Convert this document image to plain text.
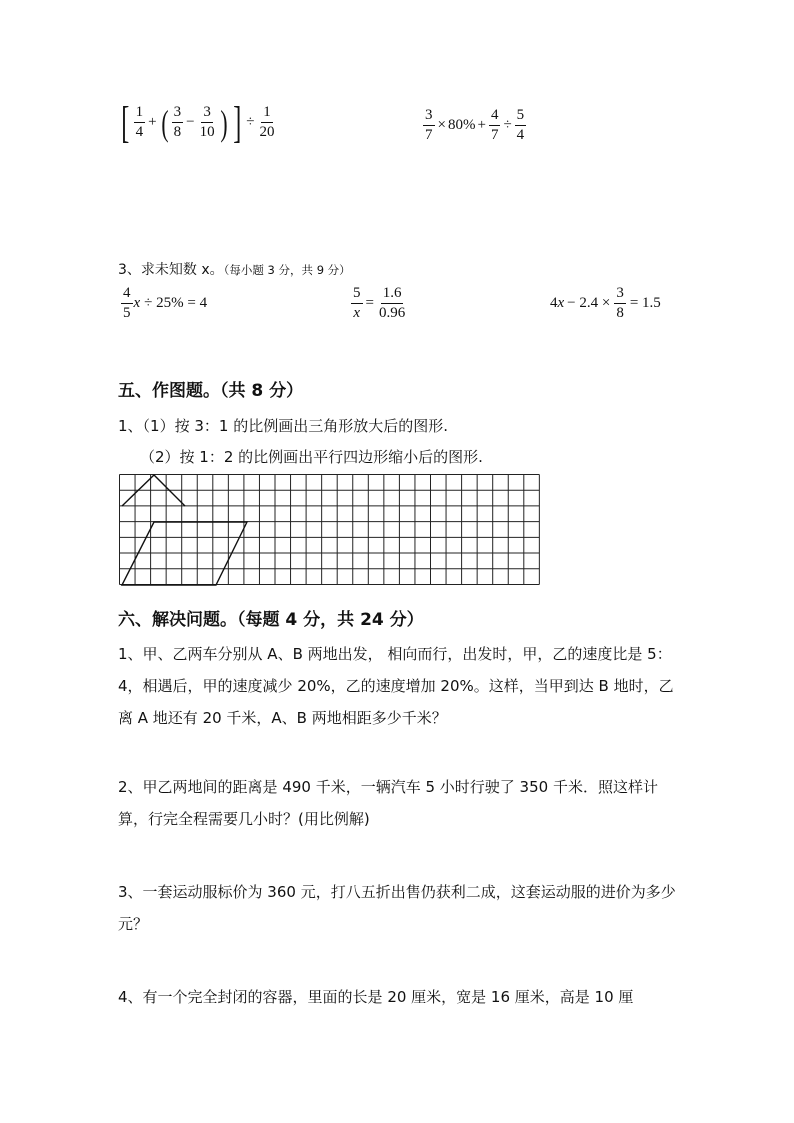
[ $\frac{1}{4}$ + ( $\frac{3}{8} - \frac{3}{10}$ ) ] ÷ $\frac{1}{20}$	$\frac{3}{7} \times 80\% + \frac{4}{7} \div \frac{5}{4}$
3、求未知数 x。（每小题 3 分，共 9 分）
$\frac{4}{5}$ x ÷ 25% = 4	$\frac{5}{x} = \frac{1.6}{0.96}$	4 $x - 2.4 \times \frac{3}{8} = 1.5$
五、作图题。（共 8 分）
1、（1）按 3：1 的比例画出三角形放大后的图形.
（2）按 1：2 的比例画出平行四边形缩小后的图形.
六、解决问题。（每题 4 分，共 24 分）
1、甲、乙两车分别从 A、B 两地出发， 相向而行，出发时，甲，乙的速度比是 5：4，相遇后，甲的速度减少 20%，乙的速度增加 20%。这样，当甲到达 B 地时，乙离 A 地还有 20 千米，A、B 两地相距多少千米？
2、甲乙两地间的距离是 490 千米，一辆汽车 5 小时行驶了 350 千米．照这样计算，行完全程需要几小时？(用比例解)
3、一套运动服标价为 360 元，打八五折出售仍获利二成，这套运动服的进价为多少元？
4、有一个完全封闭的容器，里面的长是 20 厘米，宽是 16 厘米，高是 10 厘
